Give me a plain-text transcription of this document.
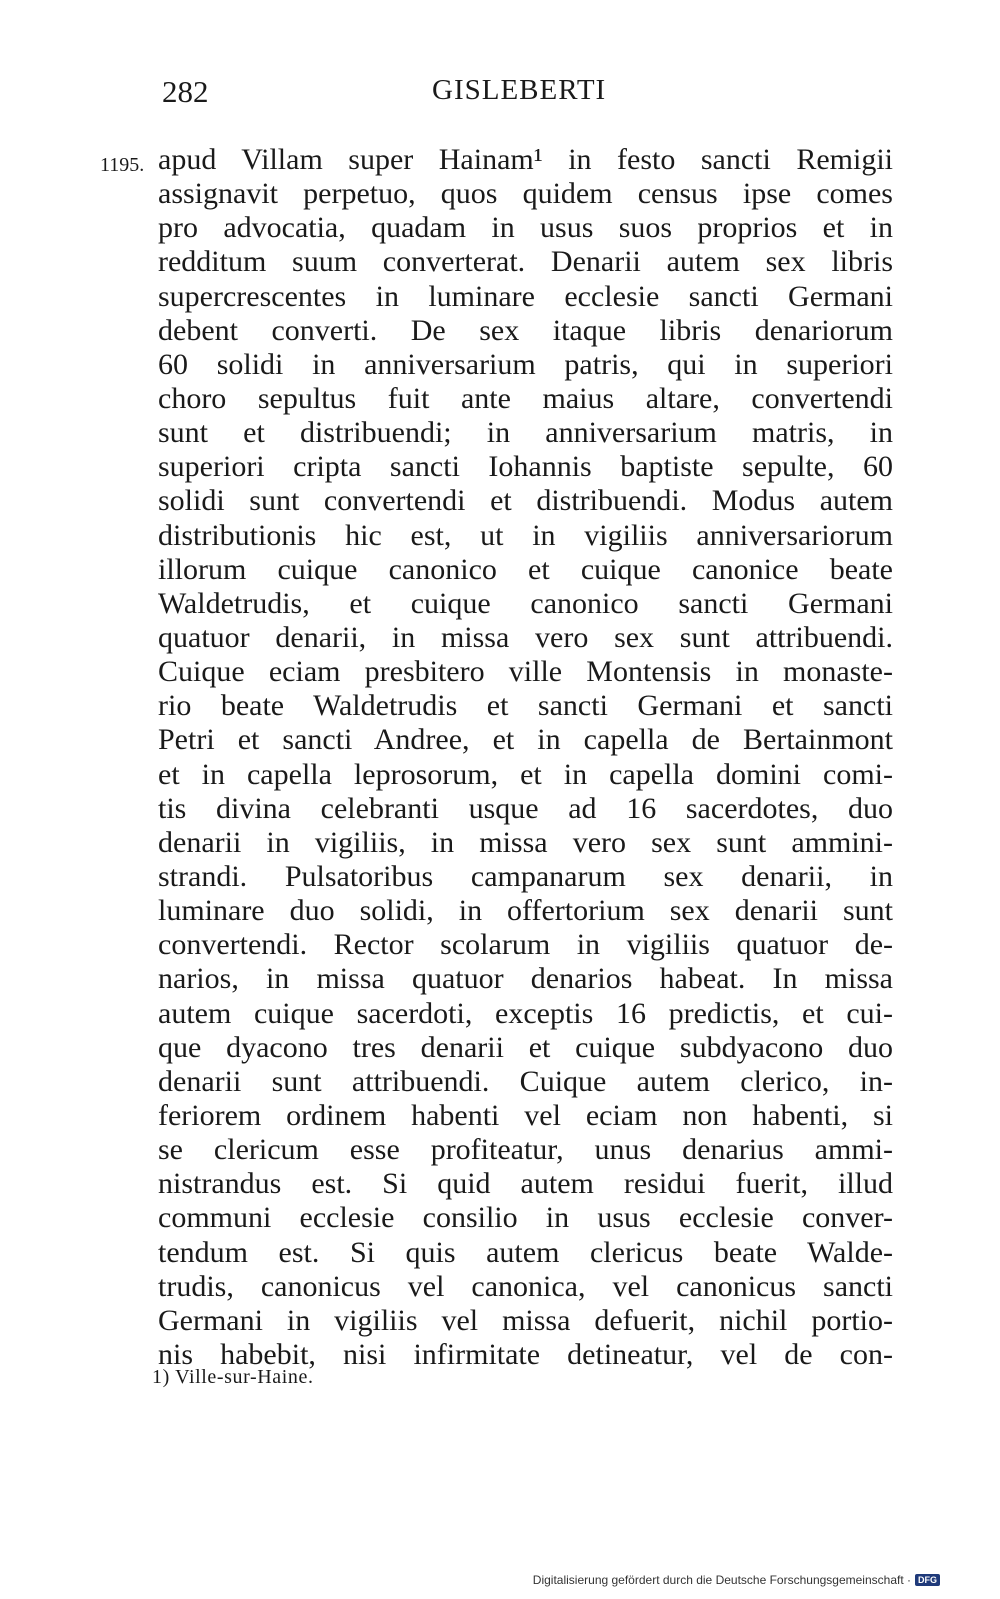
282	GISLEBERTI
1195. apud Villam super Hainam¹ in festo sancti Remigii
assignavit perpetuo, quos quidem census ipse comes
pro advocatia, quadam in usus suos proprios et in
redditum suum converterat. Denarii autem sex libris
supercrescentes in luminare ecclesie sancti Germani
debent converti. De sex itaque libris denariorum
60 solidi in anniversarium patris, qui in superiori
choro sepultus fuit ante maius altare, convertendi
sunt et distribuendi; in anniversarium matris, in
superiori cripta sancti Iohannis baptiste sepulte, 60
solidi sunt convertendi et distribuendi. Modus autem
distributionis hic est, ut in vigiliis anniversariorum
illorum cuique canonico et cuique canonice beate
Waldetrudis, et cuique canonico sancti Germani
quatuor denarii, in missa vero sex sunt attribuendi.
Cuique eciam presbitero ville Montensis in monaste-
rio beate Waldetrudis et sancti Germani et sancti
Petri et sancti Andree, et in capella de Bertainmont
et in capella leprosorum, et in capella domini comi-
tis divina celebranti usque ad 16 sacerdotes, duo
denarii in vigiliis, in missa vero sex sunt ammini-
strandi. Pulsatoribus campanarum sex denarii, in
luminare duo solidi, in offertorium sex denarii sunt
convertendi. Rector scolarum in vigiliis quatuor de-
narios, in missa quatuor denarios habeat. In missa
autem cuique sacerdoti, exceptis 16 predictis, et cui-
que dyacono tres denarii et cuique subdyacono duo
denarii sunt attribuendi. Cuique autem clerico, in-
feriorem ordinem habenti vel eciam non habenti, si
se clericum esse profiteatur, unus denarius ammi-
nistrandus est. Si quid autem residui fuerit, illud
communi ecclesie consilio in usus ecclesie conver-
tendum est. Si quis autem clericus beate Walde-
trudis, canonicus vel canonica, vel canonicus sancti
Germani in vigiliis vel missa defuerit, nichil portio-
nis habebit, nisi infirmitate detineatur, vel de con-
1) Ville-sur-Haine.
Digitalisierung gefördert durch die Deutsche Forschungsgemeinschaft · DFG
